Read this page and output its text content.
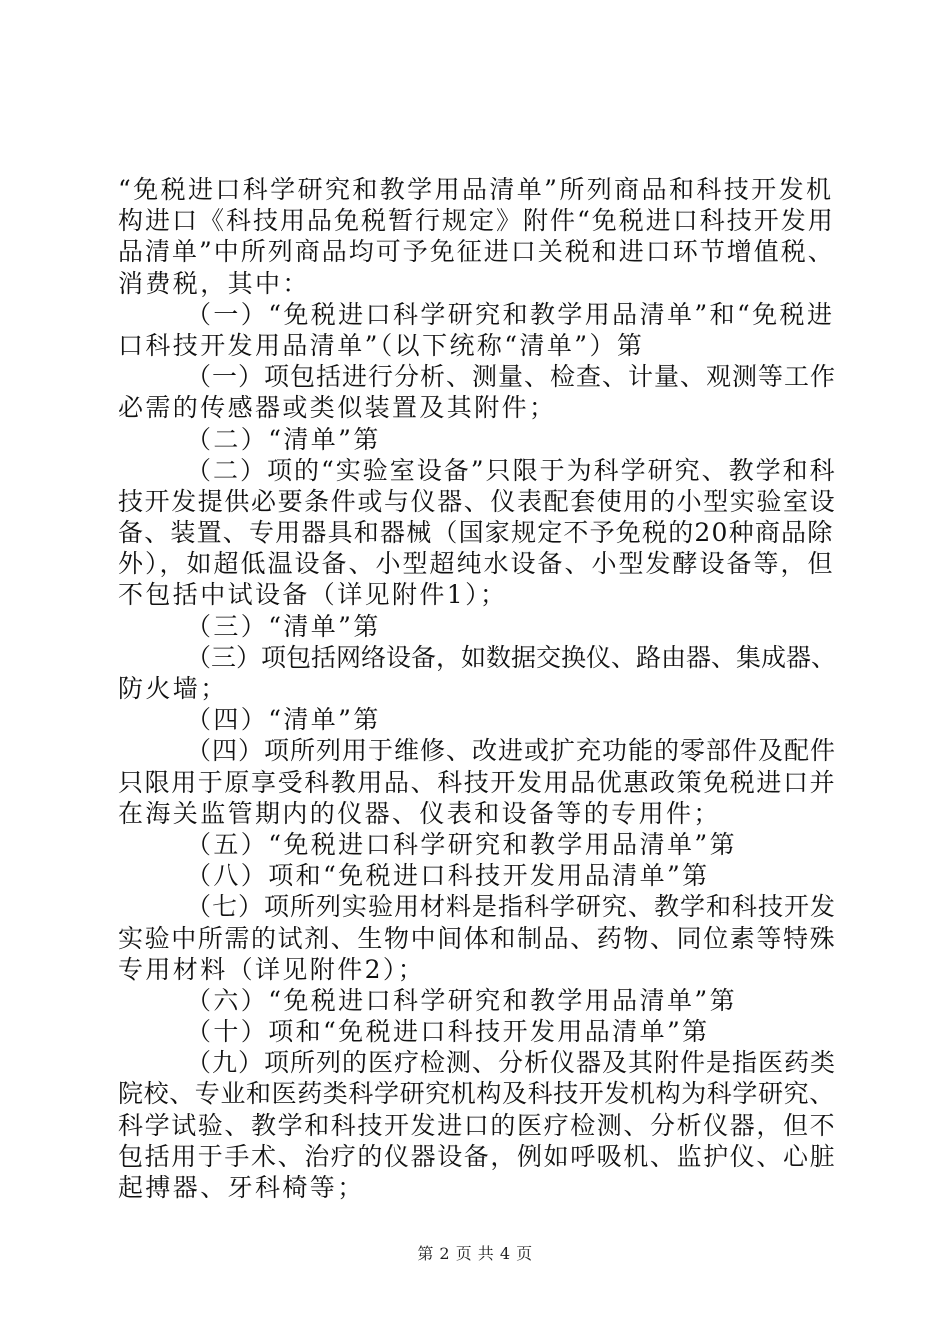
“免税进口科学研究和教学用品清单”所列商品和科技开发机
构进口《科技用品免税暂行规定》附件“免税进口科技开发用
品清单”中所列商品均可予免征进口关税和进口环节增值税、
消费税，其中：
（一）“免税进口科学研究和教学用品清单”和“免税进
口科技开发用品清单”（以下统称“清单”）第
（一）项包括进行分析、测量、检查、计量、观测等工作
必需的传感器或类似装置及其附件；
（二）“清单”第
（二）项的“实验室设备”只限于为科学研究、教学和科
技开发提供必要条件或与仪器、仪表配套使用的小型实验室设
备、装置、专用器具和器械（国家规定不予免税的20种商品除
外），如超低温设备、小型超纯水设备、小型发酵设备等，但
不包括中试设备（详见附件1）；
（三）“清单”第
（三）项包括网络设备，如数据交换仪、路由器、集成器、
防火墙；
（四）“清单”第
（四）项所列用于维修、改进或扩充功能的零部件及配件
只限用于原享受科教用品、科技开发用品优惠政策免税进口并
在海关监管期内的仪器、仪表和设备等的专用件；
（五）“免税进口科学研究和教学用品清单”第
（八）项和“免税进口科技开发用品清单”第
（七）项所列实验用材料是指科学研究、教学和科技开发
实验中所需的试剂、生物中间体和制品、药物、同位素等特殊
专用材料（详见附件2）；
（六）“免税进口科学研究和教学用品清单”第
（十）项和“免税进口科技开发用品清单”第
（九）项所列的医疗检测、分析仪器及其附件是指医药类
院校、专业和医药类科学研究机构及科技开发机构为科学研究、
科学试验、教学和科技开发进口的医疗检测、分析仪器，但不
包括用于手术、治疗的仪器设备，例如呼吸机、监护仪、心脏
起搏器、牙科椅等；
第 2 页 共 4 页
